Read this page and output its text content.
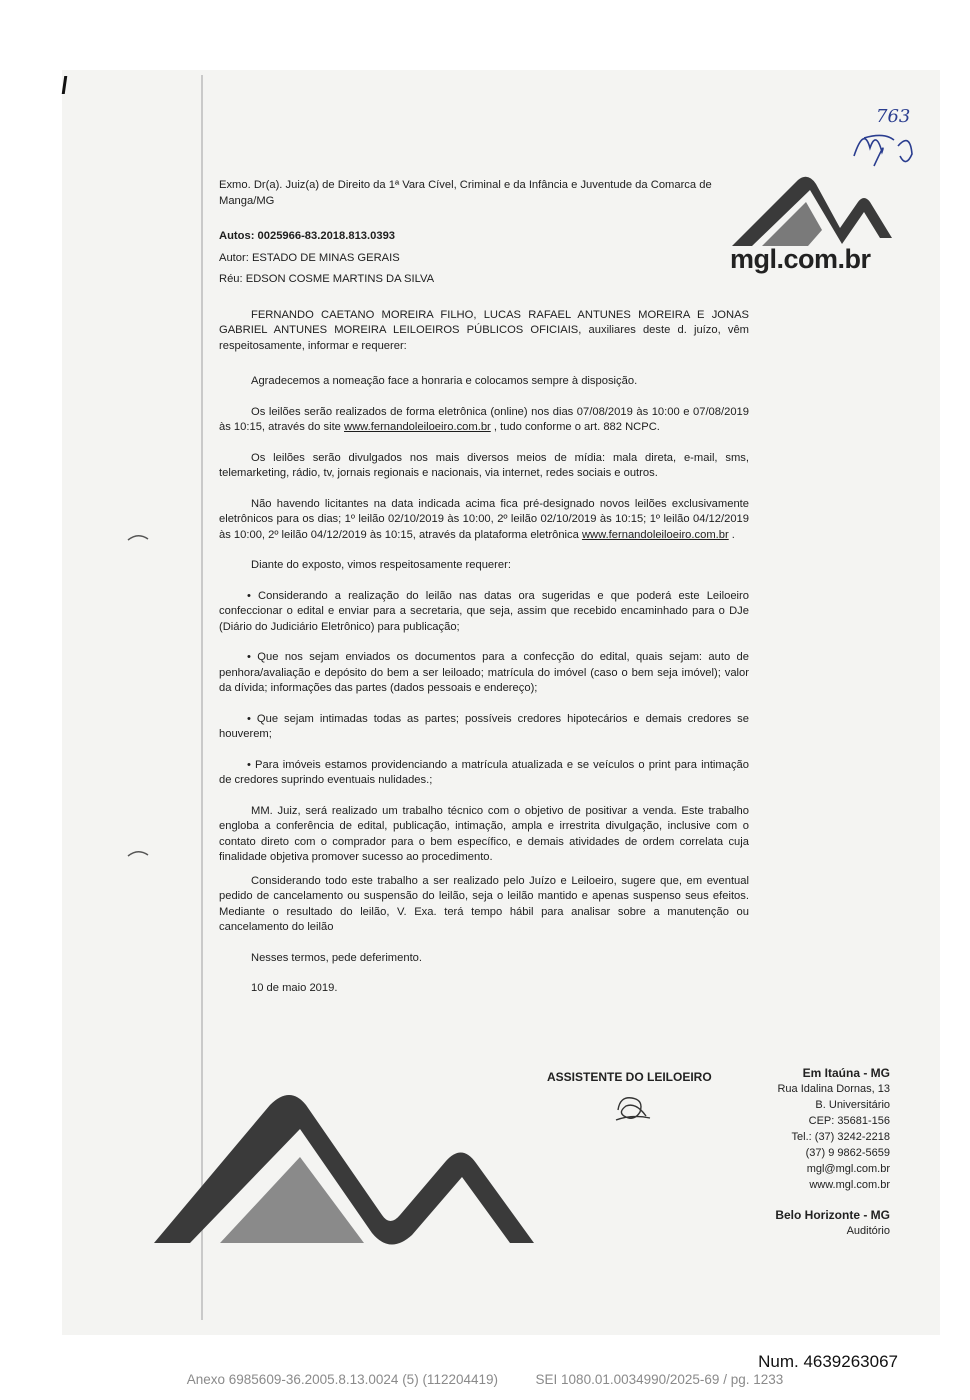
763
mgl.com.br

Exmo. Dr(a). Juiz(a) de Direito da 1ª Vara Cível, Criminal e da Infância e Juventude da Comarca de Manga/MG

Autos: 0025966-83.2018.813.0393

Autor: ESTADO DE MINAS GERAIS

Réu: EDSON COSME MARTINS DA SILVA

FERNANDO CAETANO MOREIRA FILHO, LUCAS RAFAEL ANTUNES MOREIRA E JONAS GABRIEL ANTUNES MOREIRA LEILOEIROS PÚBLICOS OFICIAIS, auxiliares deste d. juízo, vêm respeitosamente, informar e requerer:

Agradecemos a nomeação face a honraria e colocamos sempre à disposição.

Os leilões serão realizados de forma eletrônica (online) nos dias 07/08/2019 às 10:00 e 07/08/2019 às 10:15, através do site www.fernandoleiloeiro.com.br , tudo conforme o art. 882 NCPC.

Os leilões serão divulgados nos mais diversos meios de mídia: mala direta, e-mail, sms, telemarketing, rádio, tv, jornais regionais e nacionais, via internet, redes sociais e outros.

Não havendo licitantes na data indicada acima fica pré-designado novos leilões exclusivamente eletrônicos para os dias; 1º leilão 02/10/2019 às 10:00, 2º leilão 02/10/2019 às 10:15; 1º leilão 04/12/2019 às 10:00, 2º leilão 04/12/2019 às 10:15, através da plataforma eletrônica www.fernandoleiloeiro.com.br .

Diante do exposto, vimos respeitosamente requerer:

• Considerando a realização do leilão nas datas ora sugeridas e que poderá este Leiloeiro confeccionar o edital e enviar para a secretaria, que seja, assim que recebido encaminhado para o DJe (Diário do Judiciário Eletrônico) para publicação;

• Que nos sejam enviados os documentos para a confecção do edital, quais sejam: auto de penhora/avaliação e depósito do bem a ser leiloado; matrícula do imóvel (caso o bem seja imóvel); valor da dívida; informações das partes (dados pessoais e endereço);

• Que sejam intimadas todas as partes; possíveis credores hipotecários e demais credores se houverem;

• Para imóveis estamos providenciando a matrícula atualizada e se veículos o print para intimação de credores suprindo eventuais nulidades.;

MM. Juiz, será realizado um trabalho técnico com o objetivo de positivar a venda. Este trabalho engloba a conferência de edital, publicação, intimação, ampla e irrestrita divulgação, inclusive com o contato direto com o comprador para o bem específico, e demais atividades de ordem correlata cuja finalidade objetiva promover sucesso ao procedimento.

Considerando todo este trabalho a ser realizado pelo Juízo e Leiloeiro, sugere que, em eventual pedido de cancelamento ou suspensão do leilão, seja o leilão mantido e apenas suspenso seus efeitos. Mediante o resultado do leilão, V. Exa. terá tempo hábil para analisar sobre a manutenção ou cancelamento do leilão

Nesses termos, pede deferimento.

10 de maio 2019.

ASSISTENTE DO LEILOEIRO	Em Itaúna - MG
Rua Idalina Dornas, 13
B. Universitário
CEP: 35681-156
Tel.: (37) 3242-2218
(37) 9 9862-5659
mgl@mgl.com.br
www.mgl.com.br
Belo Horizonte - MG
Auditório
Num. 4639263067
Anexo 6985609-36.2005.8.13.0024 (5) (112204419)	SEI 1080.01.0034990/2025-69 / pg. 1233
